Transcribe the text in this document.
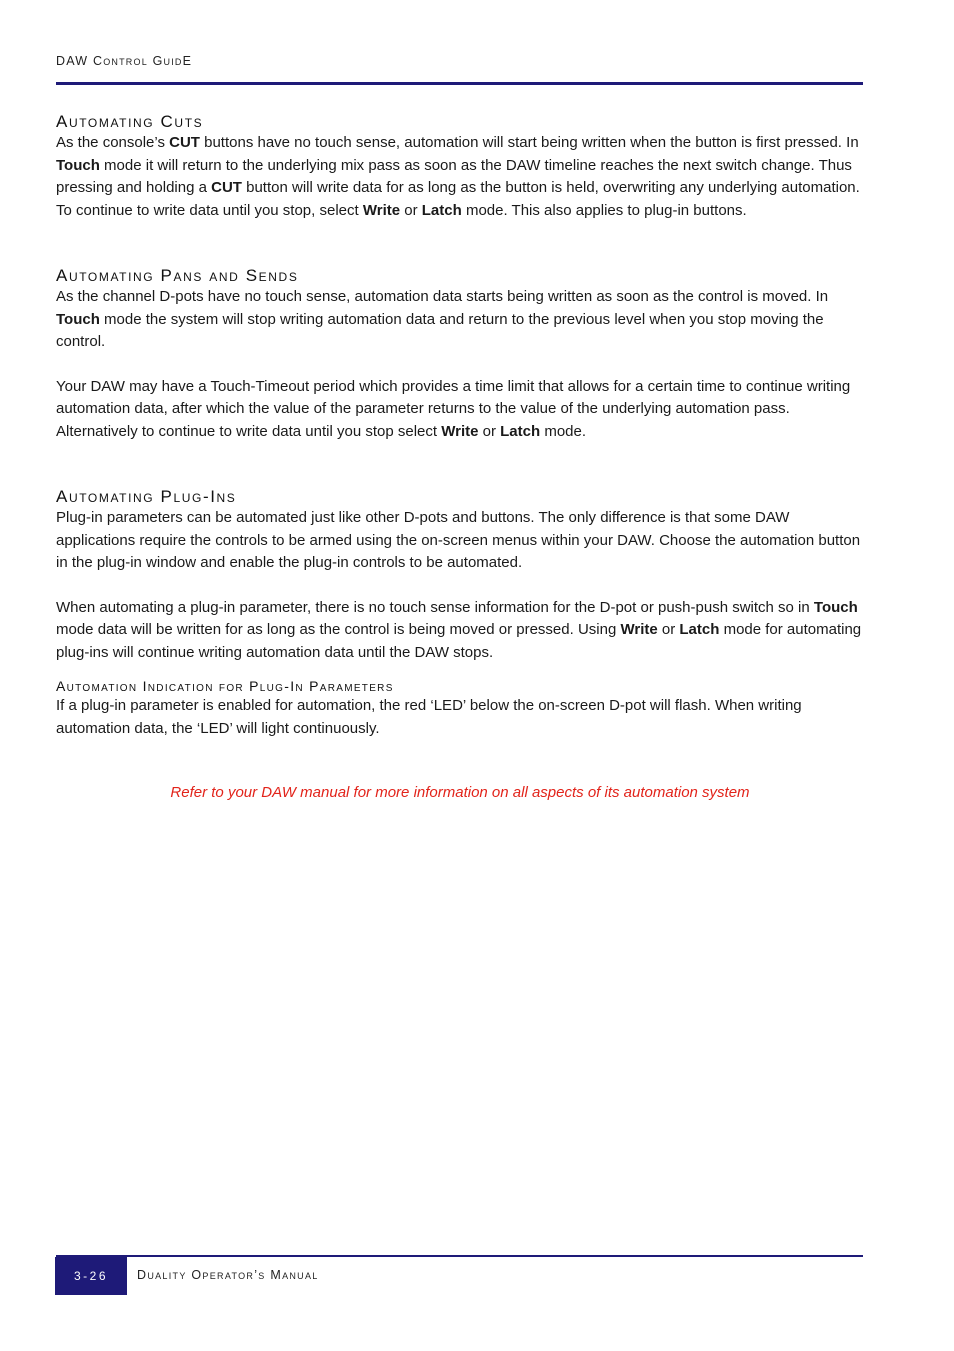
DAW Control GuidE
Automating Cuts

As the console’s CUT buttons have no touch sense, automation will start being written when the button is first pressed. In Touch mode it will return to the underlying mix pass as soon as the DAW timeline reaches the next switch change. Thus pressing and holding a CUT button will write data for as long as the button is held, overwriting any underlying automation. To continue to write data until you stop, select Write or Latch mode. This also applies to plug-in buttons.

Automating Pans and Sends

As the channel D-pots have no touch sense, automation data starts being written as soon as the control is moved. In Touch mode the system will stop writing automation data and return to the previous level when you stop moving the control.

Your DAW may have a Touch-Timeout period which provides a time limit that allows for a certain time to continue writing automation data, after which the value of the parameter returns to the value of the underlying automation pass. Alternatively to continue to write data until you stop select Write or Latch mode.

Automating Plug-Ins

Plug-in parameters can be automated just like other D-pots and buttons. The only difference is that some DAW applications require the controls to be armed using the on-screen menus within your DAW. Choose the automation button in the plug-in window and enable the plug-in controls to be automated.

When automating a plug-in parameter, there is no touch sense information for the D-pot or push-push switch so in Touch mode data will be written for as long as the control is being moved or pressed. Using Write or Latch mode for automating plug-ins will continue writing automation data until the DAW stops.

Automation Indication for Plug-In Parameters

If a plug-in parameter is enabled for automation, the red ‘LED’ below the on-screen D-pot will flash. When writing automation data, the ‘LED’ will light continuously.

Refer to your DAW manual for more information on all aspects of its automation system
3-26	Duality Operator’s Manual
